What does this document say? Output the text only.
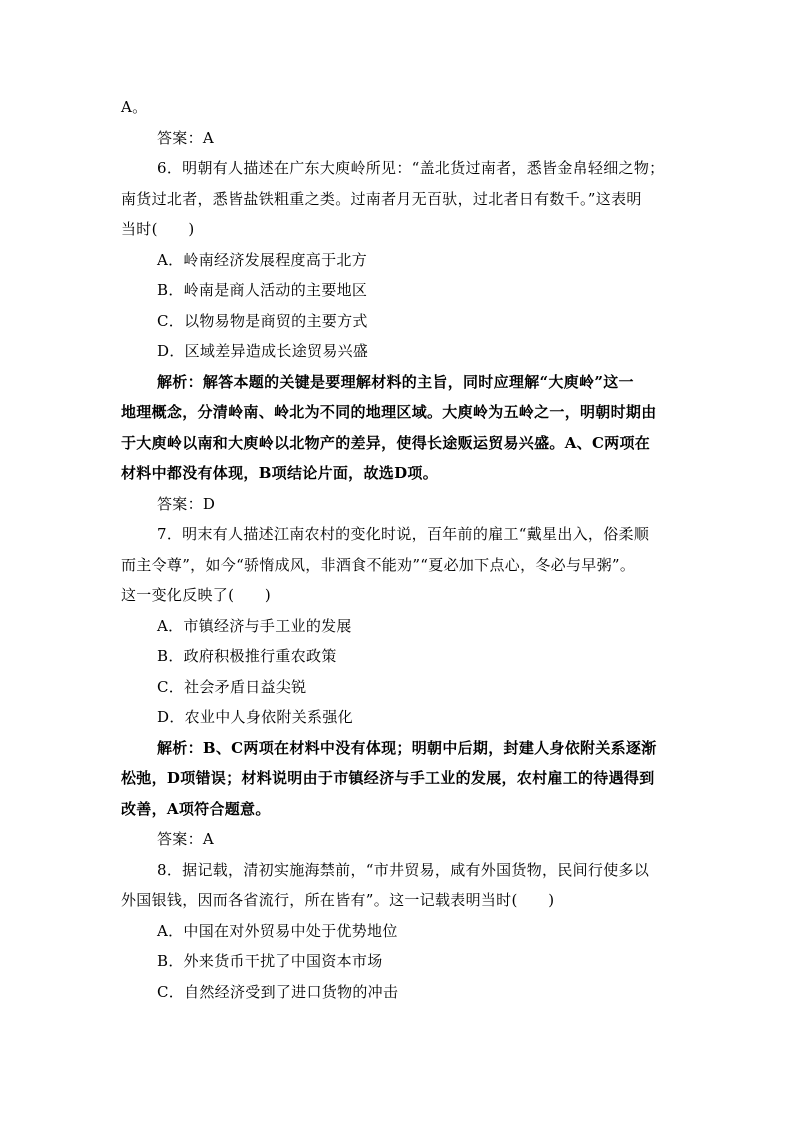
A。
答案：A
6．明朝有人描述在广东大庾岭所见：“盖北货过南者，悉皆金帛轻细之物；
南货过北者，悉皆盐铁粗重之类。过南者月无百驮，过北者日有数千。”这表明
当时(　　)
A．岭南经济发展程度高于北方
B．岭南是商人活动的主要地区
C．以物易物是商贸的主要方式
D．区域差异造成长途贸易兴盛
解析：解答本题的关键是要理解材料的主旨，同时应理解“大庾岭”这一
地理概念，分清岭南、岭北为不同的地理区域。大庾岭为五岭之一，明朝时期由
于大庾岭以南和大庾岭以北物产的差异，使得长途贩运贸易兴盛。A、C两项在
材料中都没有体现，B项结论片面，故选D项。
答案：D
7．明末有人描述江南农村的变化时说，百年前的雇工“戴星出入，俗柔顺
而主令尊”，如今“骄惰成风，非酒食不能劝”“夏必加下点心，冬必与早粥”。
这一变化反映了(　　)
A．市镇经济与手工业的发展
B．政府积极推行重农政策
C．社会矛盾日益尖锐
D．农业中人身依附关系强化
解析：B、C两项在材料中没有体现；明朝中后期，封建人身依附关系逐渐
松弛，D项错误；材料说明由于市镇经济与手工业的发展，农村雇工的待遇得到
改善，A项符合题意。
答案：A
8．据记载，清初实施海禁前，“市井贸易，咸有外国货物，民间行使多以
外国银钱，因而各省流行，所在皆有”。这一记载表明当时(　　)
A．中国在对外贸易中处于优势地位
B．外来货币干扰了中国资本市场
C．自然经济受到了进口货物的冲击
